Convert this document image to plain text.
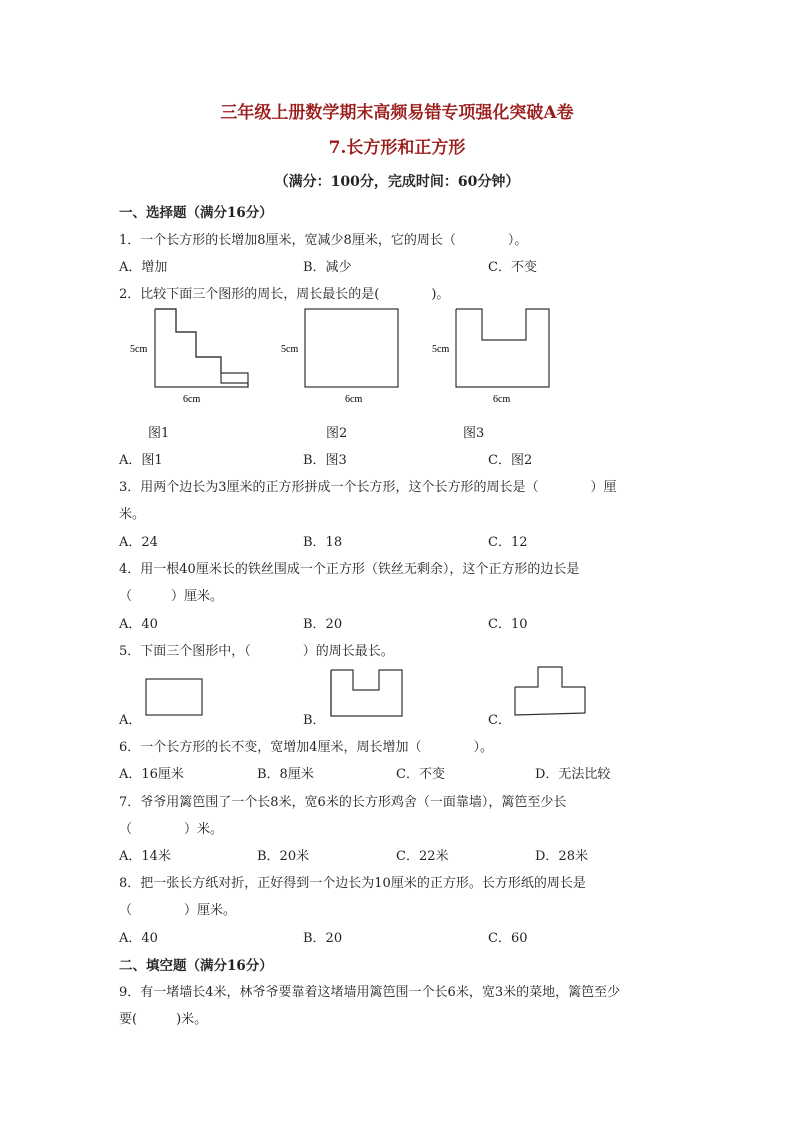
三年级上册数学期末高频易错专项强化突破A卷
7.长方形和正方形
（满分：100分，完成时间：60分钟）
一、选择题（满分16分）
1．一个长方形的长增加8厘米，宽减少8厘米，它的周长（　　　　）。
A．增加	B．减少	C．不变
2．比较下面三个图形的周长，周长最长的是(　　　　)。
5cm
6cm
图1
5cm
6cm
图2
5cm
6cm
图3
A．图1	B．图3	C．图2
3．用两个边长为3厘米的正方形拼成一个长方形，这个长方形的周长是（　　　　）厘
米。
A．24	B．18	C．12
4．用一根40厘米长的铁丝围成一个正方形（铁丝无剩余），这个正方形的边长是
（　　　）厘米。
A．40	B．20	C．10
5．下面三个图形中，（　　　　）的周长最长。
A．	B．	C．
6．一个长方形的长不变，宽增加4厘米，周长增加（　　　　）。
A．16厘米	B．8厘米	C．不变	D．无法比较
7．爷爷用篱笆围了一个长8米，宽6米的长方形鸡舍（一面靠墙），篱笆至少长
（　　　　）米。
A．14米	B．20米	C．22米	D．28米
8．把一张长方纸对折，正好得到一个边长为10厘米的正方形。长方形纸的周长是
（　　　　）厘米。
A．40	B．20	C．60
二、填空题（满分16分）
9．有一堵墙长4米，林爷爷要靠着这堵墙用篱笆围一个长6米，宽3米的菜地，篱笆至少
要(　　　)米。
